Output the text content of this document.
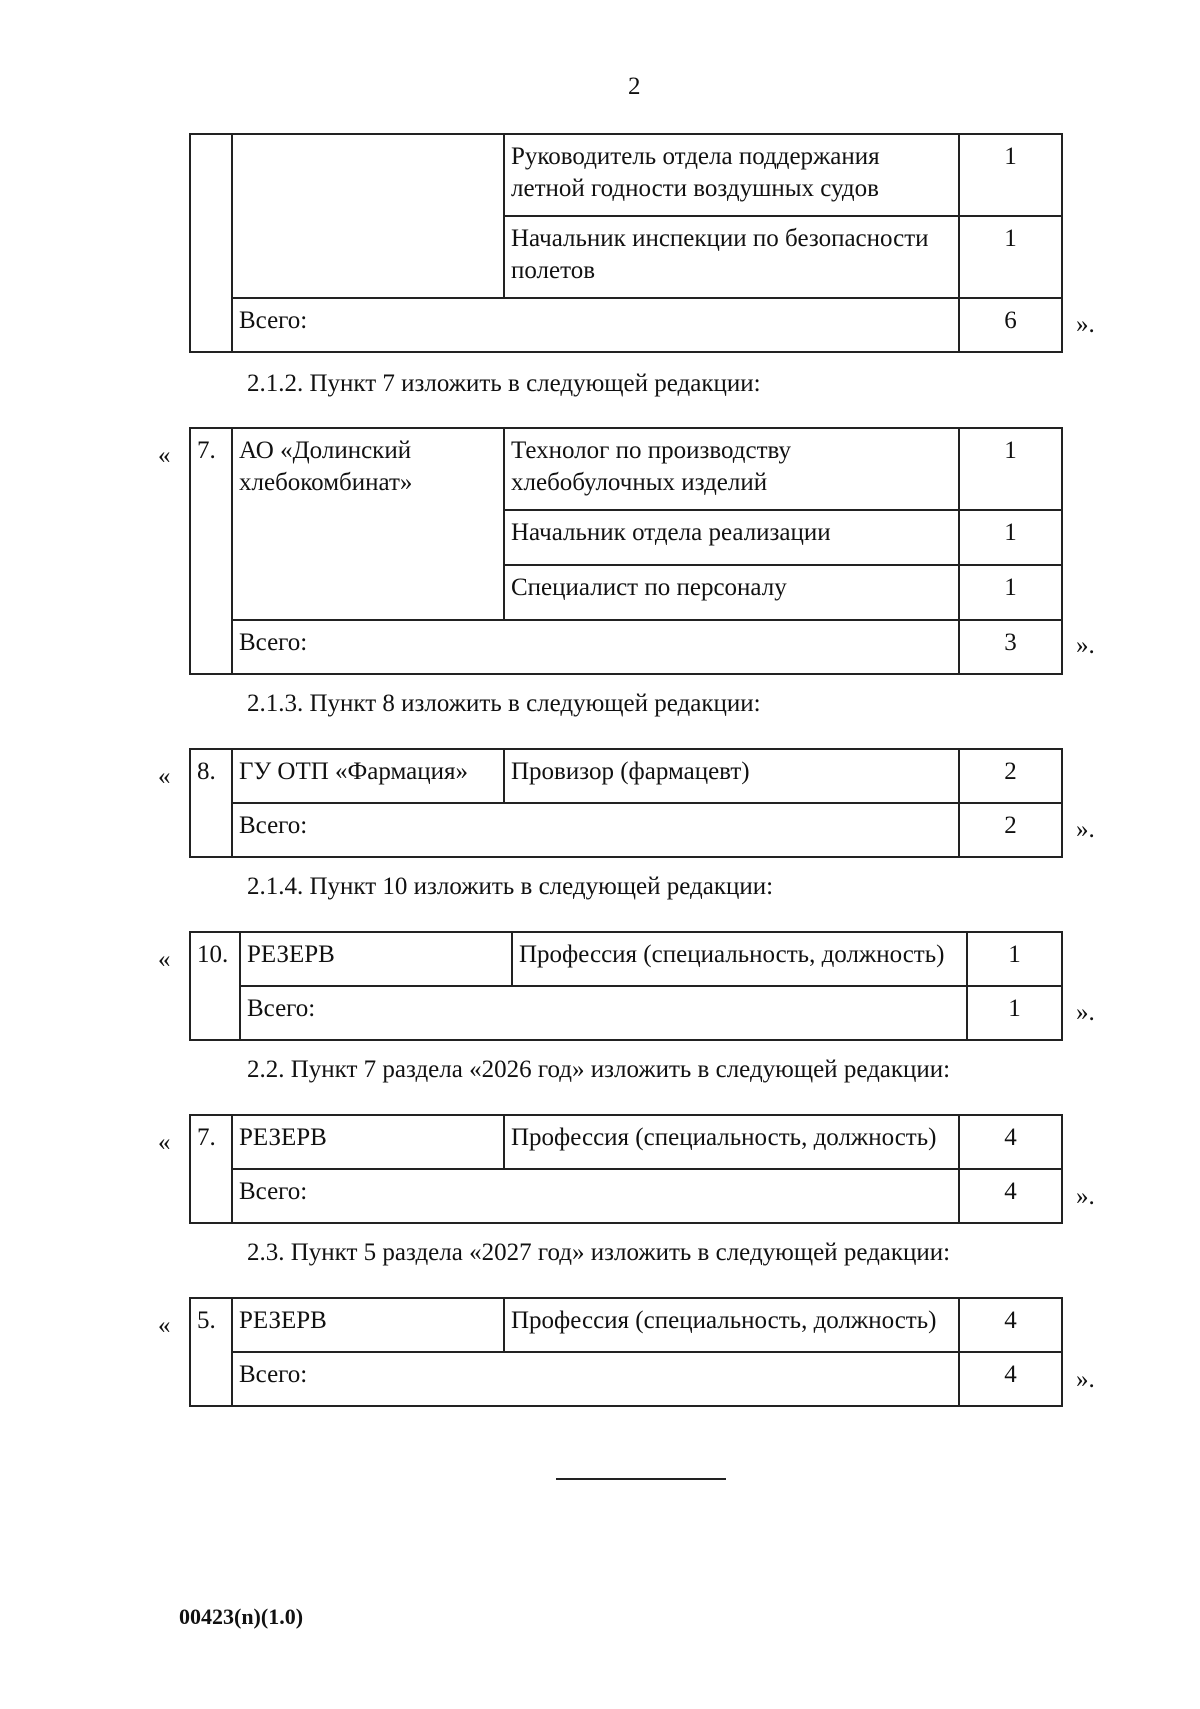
2
		Руководитель отдела поддержания летной годности воздушных судов	1
		Начальник инспекции по безопасности полетов	1
	Всего:		6 ».
2.1.2. Пункт 7 изложить в следующей редакции:
« 7.	АО «Долинский хлебокомбинат»	Технолог по производству хлебобулочных изделий	1
		Начальник отдела реализации	1
		Специалист по персоналу	1
	Всего:		3 ».
2.1.3. Пункт 8 изложить в следующей редакции:
« 8.	ГУ ОТП «Фармация»	Провизор (фармацевт)	2
	Всего:		2 ».
2.1.4. Пункт 10 изложить в следующей редакции:
« 10.	РЕЗЕРВ	Профессия (специальность, должность)	1
	Всего:		1 ».
2.2. Пункт 7 раздела «2026 год» изложить в следующей редакции:
« 7.	РЕЗЕРВ	Профессия (специальность, должность)	4
	Всего:		4 ».
2.3. Пункт 5 раздела «2027 год» изложить в следующей редакции:
« 5.	РЕЗЕРВ	Профессия (специальность, должность)	4
	Всего:		4 ».
00423(n)(1.0)
